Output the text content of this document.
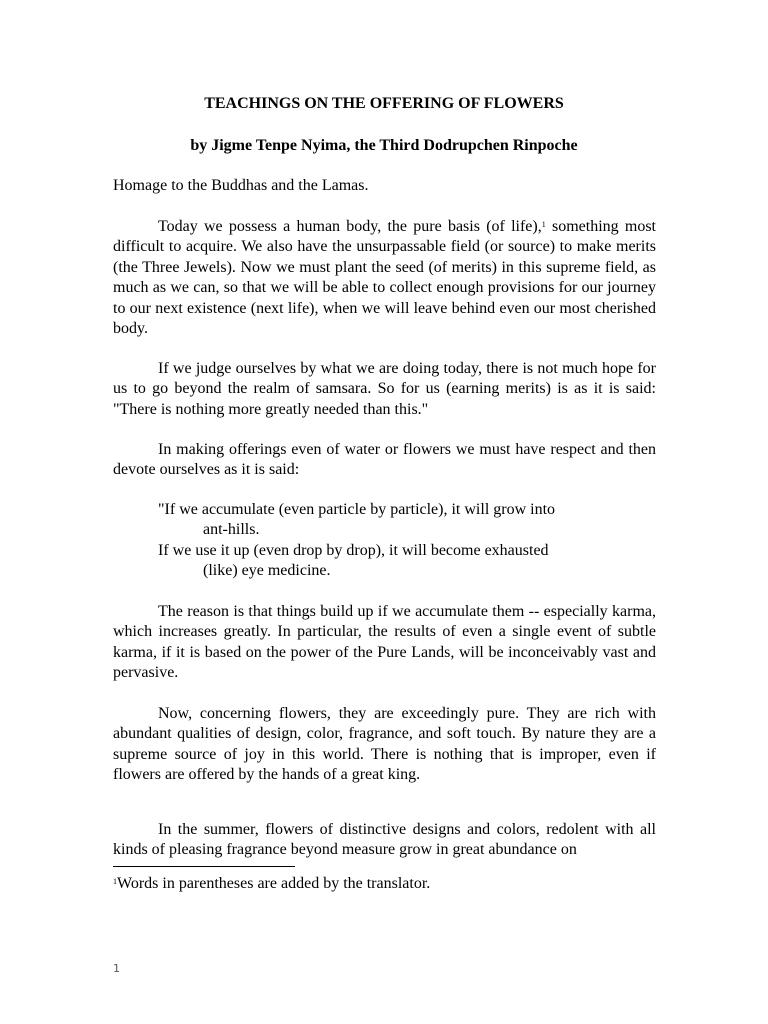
TEACHINGS ON THE OFFERING OF FLOWERS
by Jigme Tenpe Nyima, the Third Dodrupchen Rinpoche

Homage to the Buddhas and the Lamas.

Today we possess a human body, the pure basis (of life),$^1$ something most difficult to acquire. We also have the unsurpassable field (or source) to make merits (the Three Jewels). Now we must plant the seed (of merits) in this supreme field, as much as we can, so that we will be able to collect enough provisions for our journey to our next existence (next life), when we will leave behind even our most cherished body.

If we judge ourselves by what we are doing today, there is not much hope for us to go beyond the realm of samsara. So for us (earning merits) is as it is said: "There is nothing more greatly needed than this."

In making offerings even of water or flowers we must have respect and then devote ourselves as it is said:

"If we accumulate (even particle by particle), it will grow into
ant-hills.
If we use it up (even drop by drop), it will become exhausted
(like) eye medicine.

The reason is that things build up if we accumulate them -- especially karma, which increases greatly. In particular, the results of even a single event of subtle karma, if it is based on the power of the Pure Lands, will be inconceivably vast and pervasive.

Now, concerning flowers, they are exceedingly pure. They are rich with abundant qualities of design, color, fragrance, and soft touch. By nature they are a supreme source of joy in this world. There is nothing that is improper, even if flowers are offered by the hands of a great king.

In the summer, flowers of distinctive designs and colors, redolent with all kinds of pleasing fragrance beyond measure grow in great abundance on

$^1$Words in parentheses are added by the translator.
1
